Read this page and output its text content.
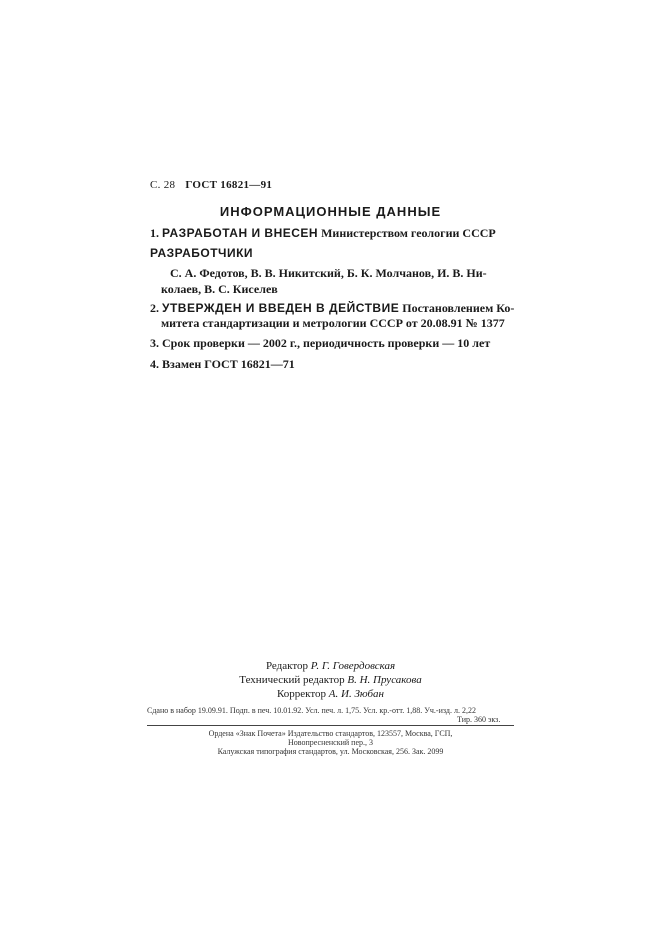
С. 28 ГОСТ 16821—91
ИНФОРМАЦИОННЫЕ ДАННЫЕ
1. РАЗРАБОТАН И ВНЕСЕН Министерством геологии СССР
РАЗРАБОТЧИКИ
С. А. Федотов, В. В. Никитский, Б. К. Молчанов, И. В. Ни-
колаев, В. С. Киселев
2. УТВЕРЖДЕН И ВВЕДЕН В ДЕЙСТВИЕ Постановлением Ко-
митета стандартизации и метрологии СССР от 20.08.91 № 1377
3. Срок проверки — 2002 г., периодичность проверки — 10 лет
4. Взамен ГОСТ 16821—71
Редактор Р. Г. Говердовская
Технический редактор В. Н. Прусакова
Корректор А. И. Зюбан
Сдано в набор 19.09.91. Подп. в печ. 10.01.92. Усл. печ. л. 1,75. Усл. кр.-отт. 1,88. Уч.-изд. л. 2,22
Тир. 360 экз.
Ордена «Знак Почета» Издательство стандартов, 123557, Москва, ГСП,
Новопресненский пер., 3
Калужская типография стандартов, ул. Московская, 256. Зак. 2099
